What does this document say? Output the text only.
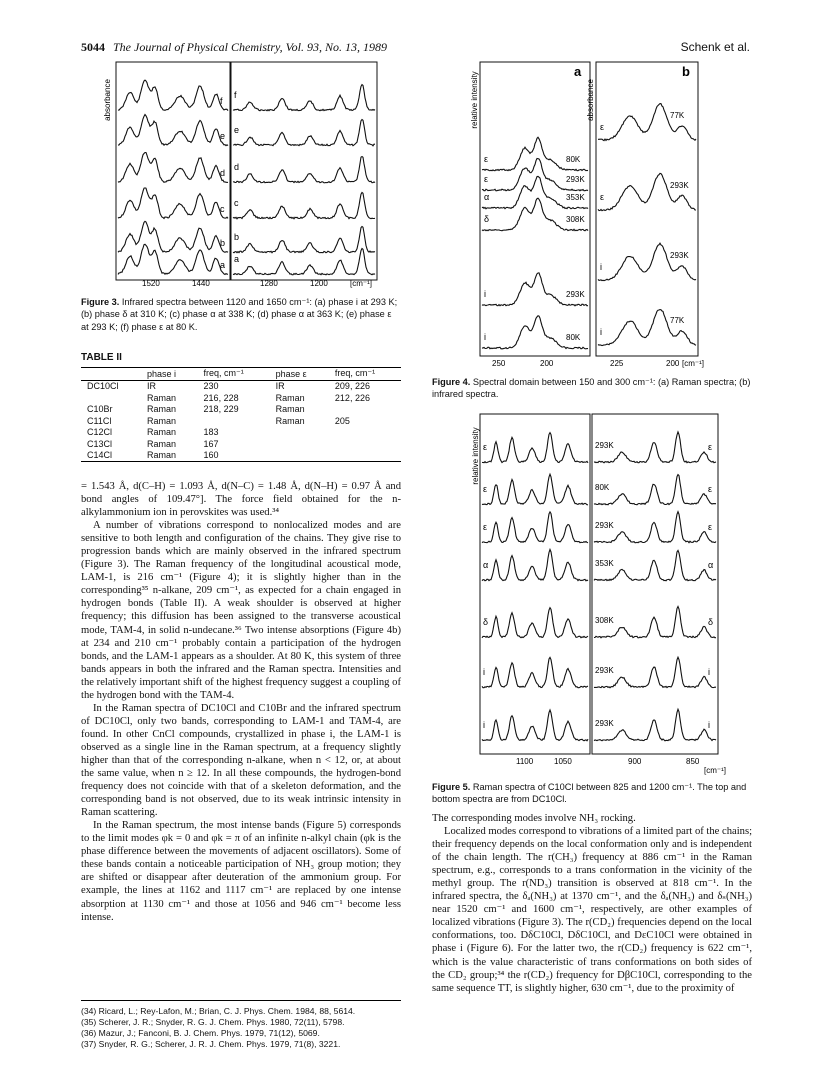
5044 The Journal of Physical Chemistry, Vol. 93, No. 13, 1989	Schenk et al.
absorbance	f
e
d
c
b
a
f
e
d
c
b
a
1520	1440	1280	1200	[cm⁻¹]
Figure 3. Infrared spectra between 1120 and 1650 cm⁻¹: (a) phase i at 293 K; (b) phase δ at 310 K; (c) phase α at 338 K; (d) phase α at 363 K; (e) phase ε at 293 K; (f) phase ε at 80 K.
TABLE II
	phase i	freq, cm⁻¹	phase ε	freq, cm⁻¹
DC10Cl	IR	230	IR	209, 226
	Raman	216, 228	Raman	212, 226
C10Br	Raman	218, 229	Raman	
C11Cl	Raman		Raman	205
C12Cl	Raman	183		
C13Cl	Raman	167		
C14Cl	Raman	160		

= 1.543 Å, d(C–H) = 1.093 Å, d(N–C) = 1.48 Å, d(N–H) = 0.97 Å and bond angles of 109.47°]. The force field obtained for the n-alkylammonium ion in perovskites was used.³⁴

A number of vibrations correspond to nonlocalized modes and are sensitive to both length and configuration of the chains. They give rise to progression bands which are mainly observed in the infrared spectrum (Figure 3). The Raman frequency of the longitudinal acoustical mode, LAM-1, is 216 cm⁻¹ (Figure 4); it is slightly higher than in the corresponding³⁵ n-alkane, 209 cm⁻¹, as expected for a chain engaged in hydrogen bonds (Table II). A weak shoulder is observed at higher frequency; this diffusion has been assigned to the transverse acoustical mode, TAM-4, in solid n-undecane.³⁶ Two intense absorptions (Figure 4b) at 234 and 210 cm⁻¹ probably contain a participation of the hydrogen bonds, and the LAM-1 appears as a shoulder. At 80 K, this system of three bands appears in both the infrared and the Raman spectra. Intensities and the relatively important shift of the highest frequency suggest a coupling of the hydrogen bond with the TAM-4.

In the Raman spectra of DC10Cl and C10Br and the infrared spectrum of DC10Cl, only two bands, corresponding to LAM-1 and TAM-4, are found. In other CnCl compounds, crystallized in phase i, the LAM-1 is observed as a single line in the Raman spectrum, at a frequency slightly higher than that of the corresponding n-alkane, when n < 12, or, at about the same value, when n ≥ 12. In all these compounds, the hydrogen-bond frequency does not coincide with that of a skeleton deformation, and the corresponding band is not observed, due to its weak intrinsic intensity in Raman scattering.

In the Raman spectrum, the most intense bands (Figure 5) corresponds to the limit modes φk = 0 and φk = π of an infinite n-alkyl chain (φk is the phase difference between the movements of adjacent oscillators). Some of these bands contain a noticeable participation of NH₃ group motion; they are shifted or disappear after deuteration of the ammonium group. For example, the lines at 1162 and 1117 cm⁻¹ are replaced by one intense absorption at 1130 cm⁻¹ and those at 1056 and 946 cm⁻¹ become less intense.

(34) Ricard, L.; Rey-Lafon, M.; Brian, C. J. Phys. Chem. 1984, 88, 5614.
(35) Scherer, J. R.; Snyder, R. G. J. Chem. Phys. 1980, 72(11), 5798.
(36) Mazur, J.; Fanconi, B. J. Chem. Phys. 1979, 71(12), 5069.
(37) Snyder, R. G.; Scherer, J. R. J. Chem. Phys. 1979, 71(8), 3221.
relative intensity	absorbance
a	b
ε	80K
ε	293K
α	353K
δ	308K
i	293K
i	80K
ε
77K
ε
293K
i
293K
i
77K
250	200	225	200 [cm⁻¹]
Figure 4. Spectral domain between 150 and 300 cm⁻¹: (a) Raman spectra; (b) infrared spectra.
relative intensity ε	293K	ε
ε	80K	ε
ε	293K	ε
α	353K	α
δ	308K	δ
i	293K	i
i	293K	i
1100	1050	900	850
[cm⁻¹]
Figure 5. Raman spectra of C10Cl between 825 and 1200 cm⁻¹. The top and bottom spectra are from DC10Cl.

The corresponding modes involve NH₃ rocking.

Localized modes correspond to vibrations of a limited part of the chains; their frequency depends on the local conformation only and is independent of the chain length. The r(CH₃) frequency at 886 cm⁻¹ in the Raman spectrum, e.g., corresponds to a trans conformation in the vicinity of the methyl group. The r(ND₃) transition is observed at 818 cm⁻¹. In the infrared spectra, the δₐ(NH₃) at 1370 cm⁻¹, and the δₐ(NH₃) and δₛ(NH₃) near 1520 cm⁻¹ and 1600 cm⁻¹, respectively, are other examples of localized vibrations (Figure 3). The r(CD₂) frequencies depend on the local conformations, too. DδC10Cl, DδC10Cl, and DεC10Cl were obtained in phase i (Figure 6). For the latter two, the r(CD₂) frequency is 622 cm⁻¹, which is the value characteristic of trans conformations on both sides of the CD₂ group;³⁴ the r(CD₂) frequency for DβC10Cl, corresponding to the same sequence TT, is slightly higher, 630 cm⁻¹, due to the proximity of
